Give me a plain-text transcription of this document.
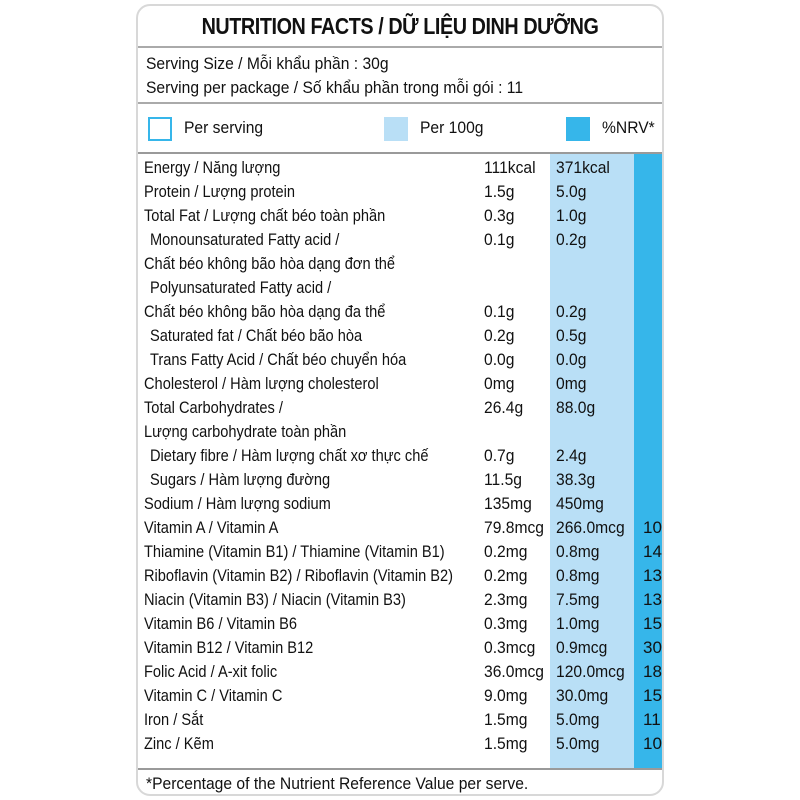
NUTRITION FACTS / DỮ LIỆU DINH DƯỠNG
Serving Size / Mỗi khẩu phần : 30g
Serving per package / Số khẩu phần trong mỗi gói : 11
Per serving	Per 100g	%NRV*
Energy / Năng lượng	111kcal 371kcal
Protein / Lượng protein	1.5g 5.0g
Total Fat / Lượng chất béo toàn phần	0.3g 1.0g
Monounsaturated Fatty acid /	0.1g 0.2g
Chất béo không bão hòa dạng đơn thể
Polyunsaturated Fatty acid /
Chất béo không bão hòa dạng đa thể	0.1g 0.2g
Saturated fat / Chất béo bão hòa	0.2g 0.5g
Trans Fatty Acid / Chất béo chuyển hóa	0.0g 0.0g
Cholesterol / Hàm lượng cholesterol	0mg 0mg
Total Carbohydrates /	26.4g 88.0g
Lượng carbohydrate toàn phần
Dietary fibre / Hàm lượng chất xơ thực chế	0.7g 2.4g
Sugars / Hàm lượng đường	11.5g 38.3g
Sodium / Hàm lượng sodium	135mg 450mg
Vitamin A / Vitamin A	79.8mcg 266.0mcg 10
Thiamine (Vitamin B1) / Thiamine (Vitamin B1) 0.2mg 0.8mg	14
Riboflavin (Vitamin B2) / Riboflavin (Vitamin B2) 0.2mg 0.8mg	13
Niacin (Vitamin B3) / Niacin (Vitamin B3)	2.3mg 7.5mg	13
Vitamin B6 / Vitamin B6	0.3mg 1.0mg	15
Vitamin B12 / Vitamin B12	0.3mcg 0.9mcg 30
Folic Acid / A-xit folic	36.0mcg 120.0mcg 18
Vitamin C / Vitamin C	9.0mg 30.0mg 15
Iron / Sắt	1.5mg 5.0mg	11
Zinc / Kẽm	1.5mg 5.0mg	10
*Percentage of the Nutrient Reference Value per serve.
